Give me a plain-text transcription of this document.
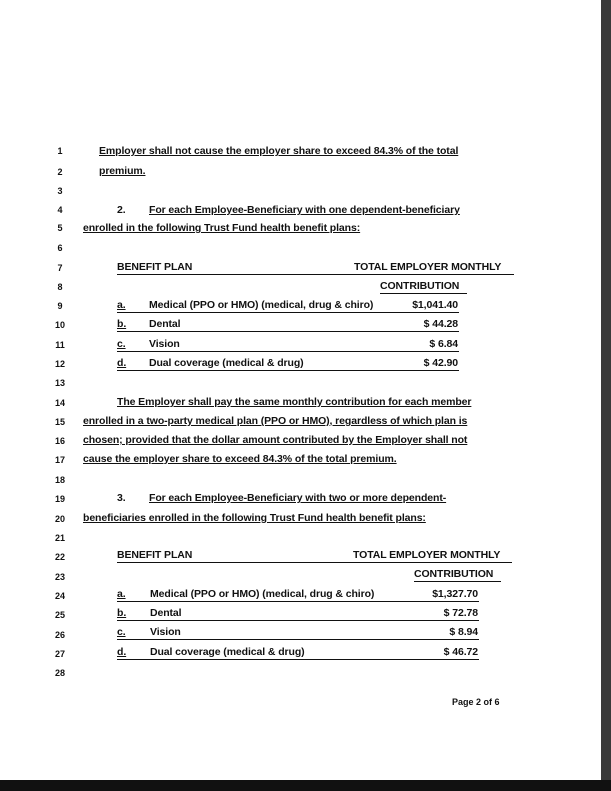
1
2
3
4
5
6
7
8
9
10
11
12
13
14
15
16
17
18
19
20
21
22
23
24
25
26
27
28
Employer shall not cause the employer share to exceed 84.3% of the total
premium.
2. For each Employee-Beneficiary with one dependent-beneficiary
enrolled in the following Trust Fund health benefit plans:
BENEFIT PLAN	TOTAL EMPLOYER MONTHLY
CONTRIBUTION
a. Medical (PPO or HMO) (medical, drug & chiro)	$1,041.40
b. Dental	$ 44.28
c. Vision	$ 6.84
d. Dual coverage (medical & drug)	$ 42.90
The Employer shall pay the same monthly contribution for each member
enrolled in a two-party medical plan (PPO or HMO), regardless of which plan is
chosen; provided that the dollar amount contributed by the Employer shall not
cause the employer share to exceed 84.3% of the total premium.
3. For each Employee-Beneficiary with two or more dependent-
beneficiaries enrolled in the following Trust Fund health benefit plans:
BENEFIT PLAN	TOTAL EMPLOYER MONTHLY
CONTRIBUTION
a. Medical (PPO or HMO) (medical, drug & chiro)	$1,327.70
b. Dental	$ 72.78
c. Vision	$ 8.94
d. Dual coverage (medical & drug)	$ 46.72
Page 2 of 6
